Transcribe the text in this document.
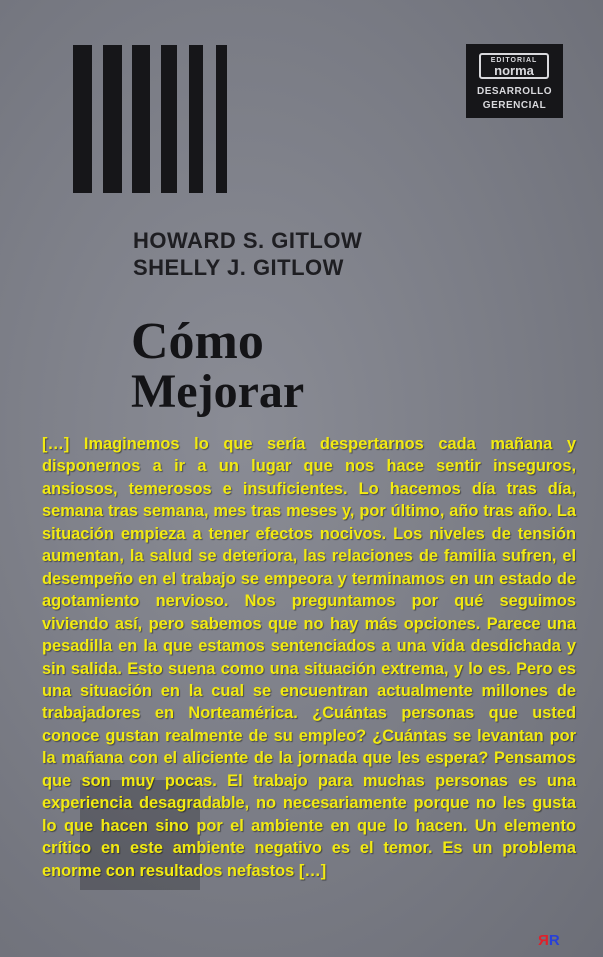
EDITORIAL
norma
DESARROLLO
GERENCIAL
HOWARD S. GITLOW
SHELLY J. GITLOW
Cómo
Mejorar
[…] Imaginemos lo que sería despertarnos cada mañana y disponernos a ir a un lugar que nos hace sentir inseguros, ansiosos, temerosos e insuficientes. Lo hacemos día tras día, semana tras semana, mes tras meses y, por último, año tras año. La situación empieza a tener efectos nocivos. Los niveles de tensión aumentan, la salud se deteriora, las relaciones de familia sufren, el desempeño en el trabajo se empeora y terminamos en un estado de agotamiento nervioso. Nos preguntamos por qué seguimos viviendo así, pero sabemos que no hay más opciones. Parece una pesadilla en la que estamos sentenciados a una vida desdichada y sin salida. Esto suena como una situación extrema, y lo es. Pero es una situación en la cual se encuentran actualmente millones de trabajadores en Norteamérica. ¿Cuántas personas que usted conoce gustan realmente de su empleo? ¿Cuántas se levantan por la mañana con el aliciente de la jornada que les espera? Pensamos que son muy pocas. El trabajo para muchas personas es una experiencia desagradable, no necesariamente porque no les gusta lo que hacen sino por el ambiente en que lo hacen. Un elemento crítico en este ambiente negativo es el temor. Es un problema enorme con resultados nefastos […]
RR
